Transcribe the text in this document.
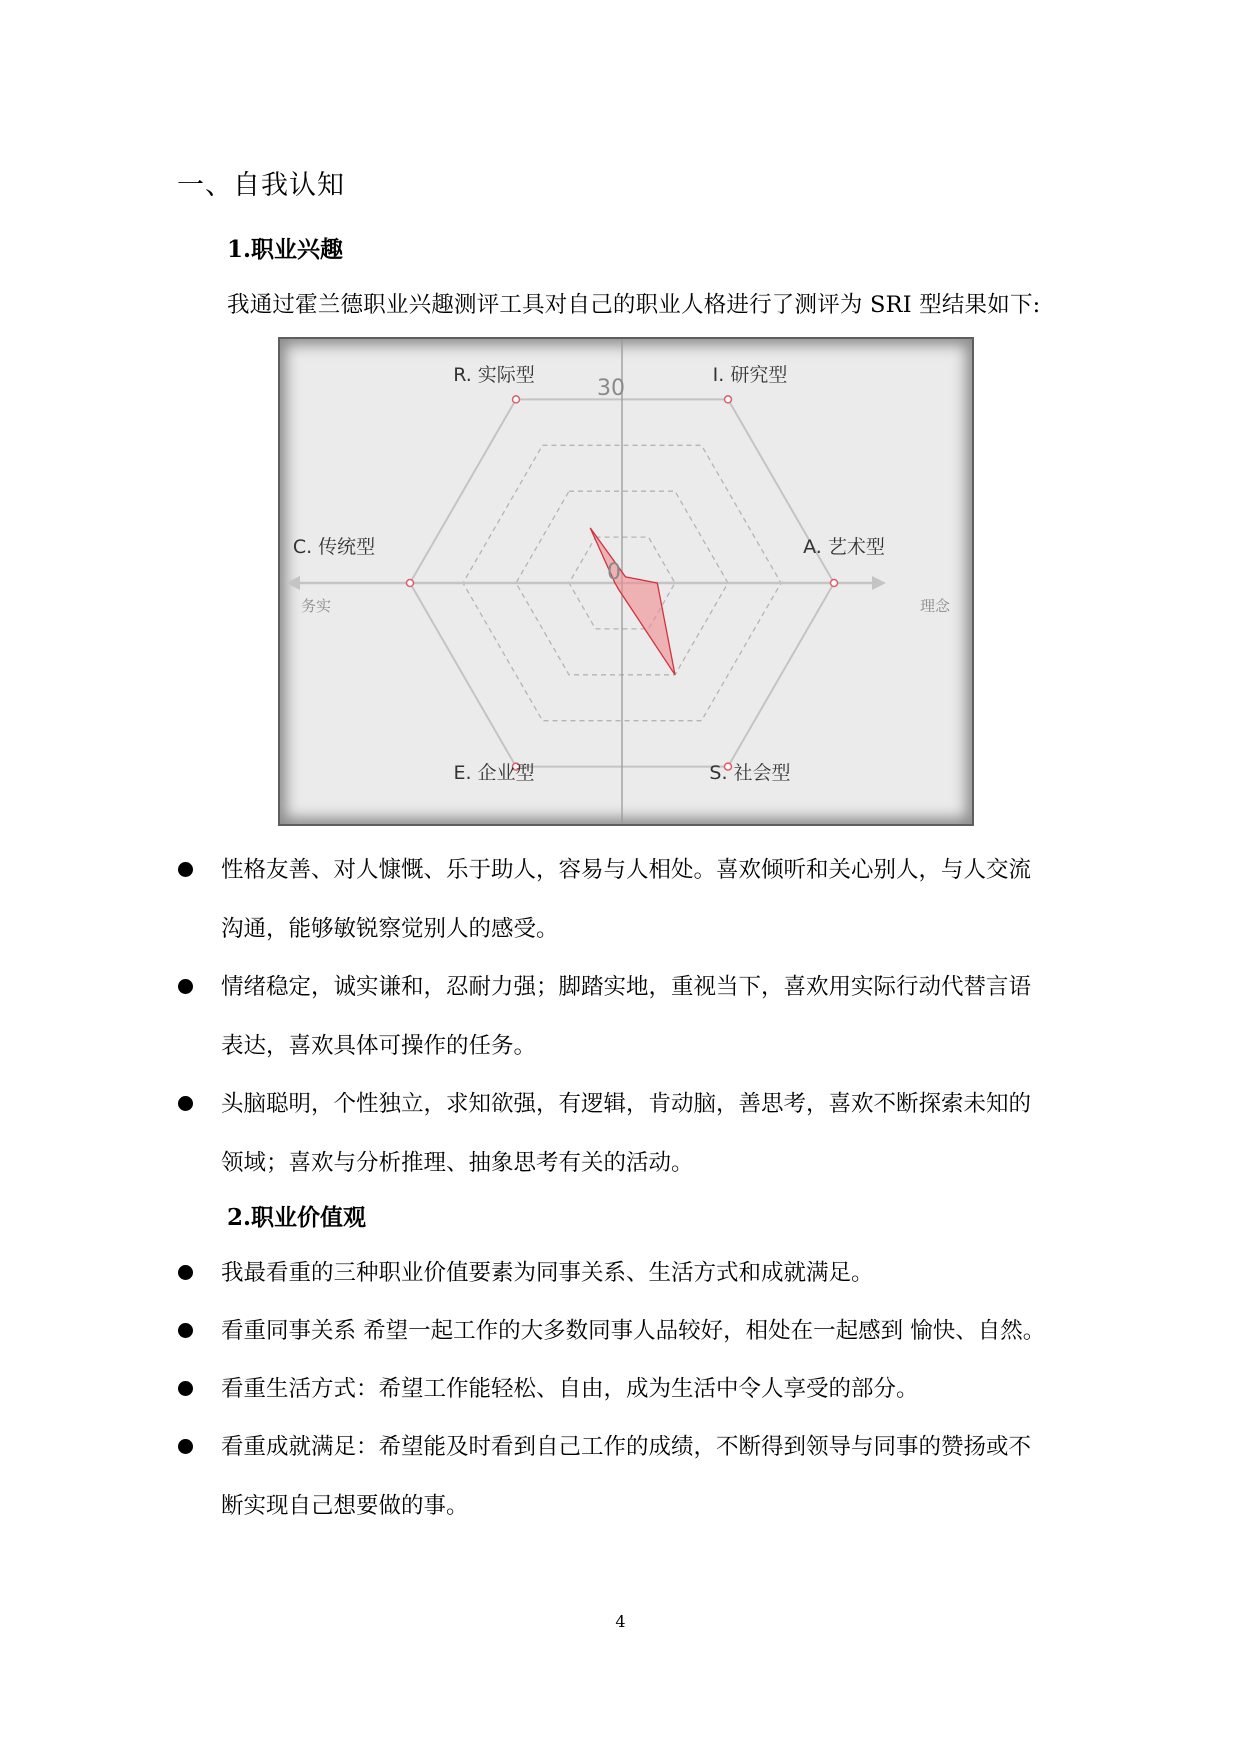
一、自我认知
1.职业兴趣
我通过霍兰德职业兴趣测评工具对自己的职业人格进行了测评为 SRI 型结果如下:
R. 实际型	I. 研究型
A. 艺术型
S. 社会型
E. 企业型
C. 传统型
务实	理念
30
0
性格友善、对人慷慨、乐于助人，容易与人相处。喜欢倾听和关心别人，与人交流
沟通，能够敏锐察觉别人的感受。
情绪稳定，诚实谦和，忍耐力强；脚踏实地，重视当下，喜欢用实际行动代替言语
表达，喜欢具体可操作的任务。
头脑聪明，个性独立，求知欲强，有逻辑，肯动脑，善思考，喜欢不断探索未知的
领域；喜欢与分析推理、抽象思考有关的活动。
2.职业价值观
我最看重的三种职业价值要素为同事关系、生活方式和成就满足。
看重同事关系 希望一起工作的大多数同事人品较好，相处在一起感到 愉快、自然。
看重生活方式：希望工作能轻松、自由，成为生活中令人享受的部分。
看重成就满足：希望能及时看到自己工作的成绩，不断得到领导与同事的赞扬或不
断实现自己想要做的事。
4
